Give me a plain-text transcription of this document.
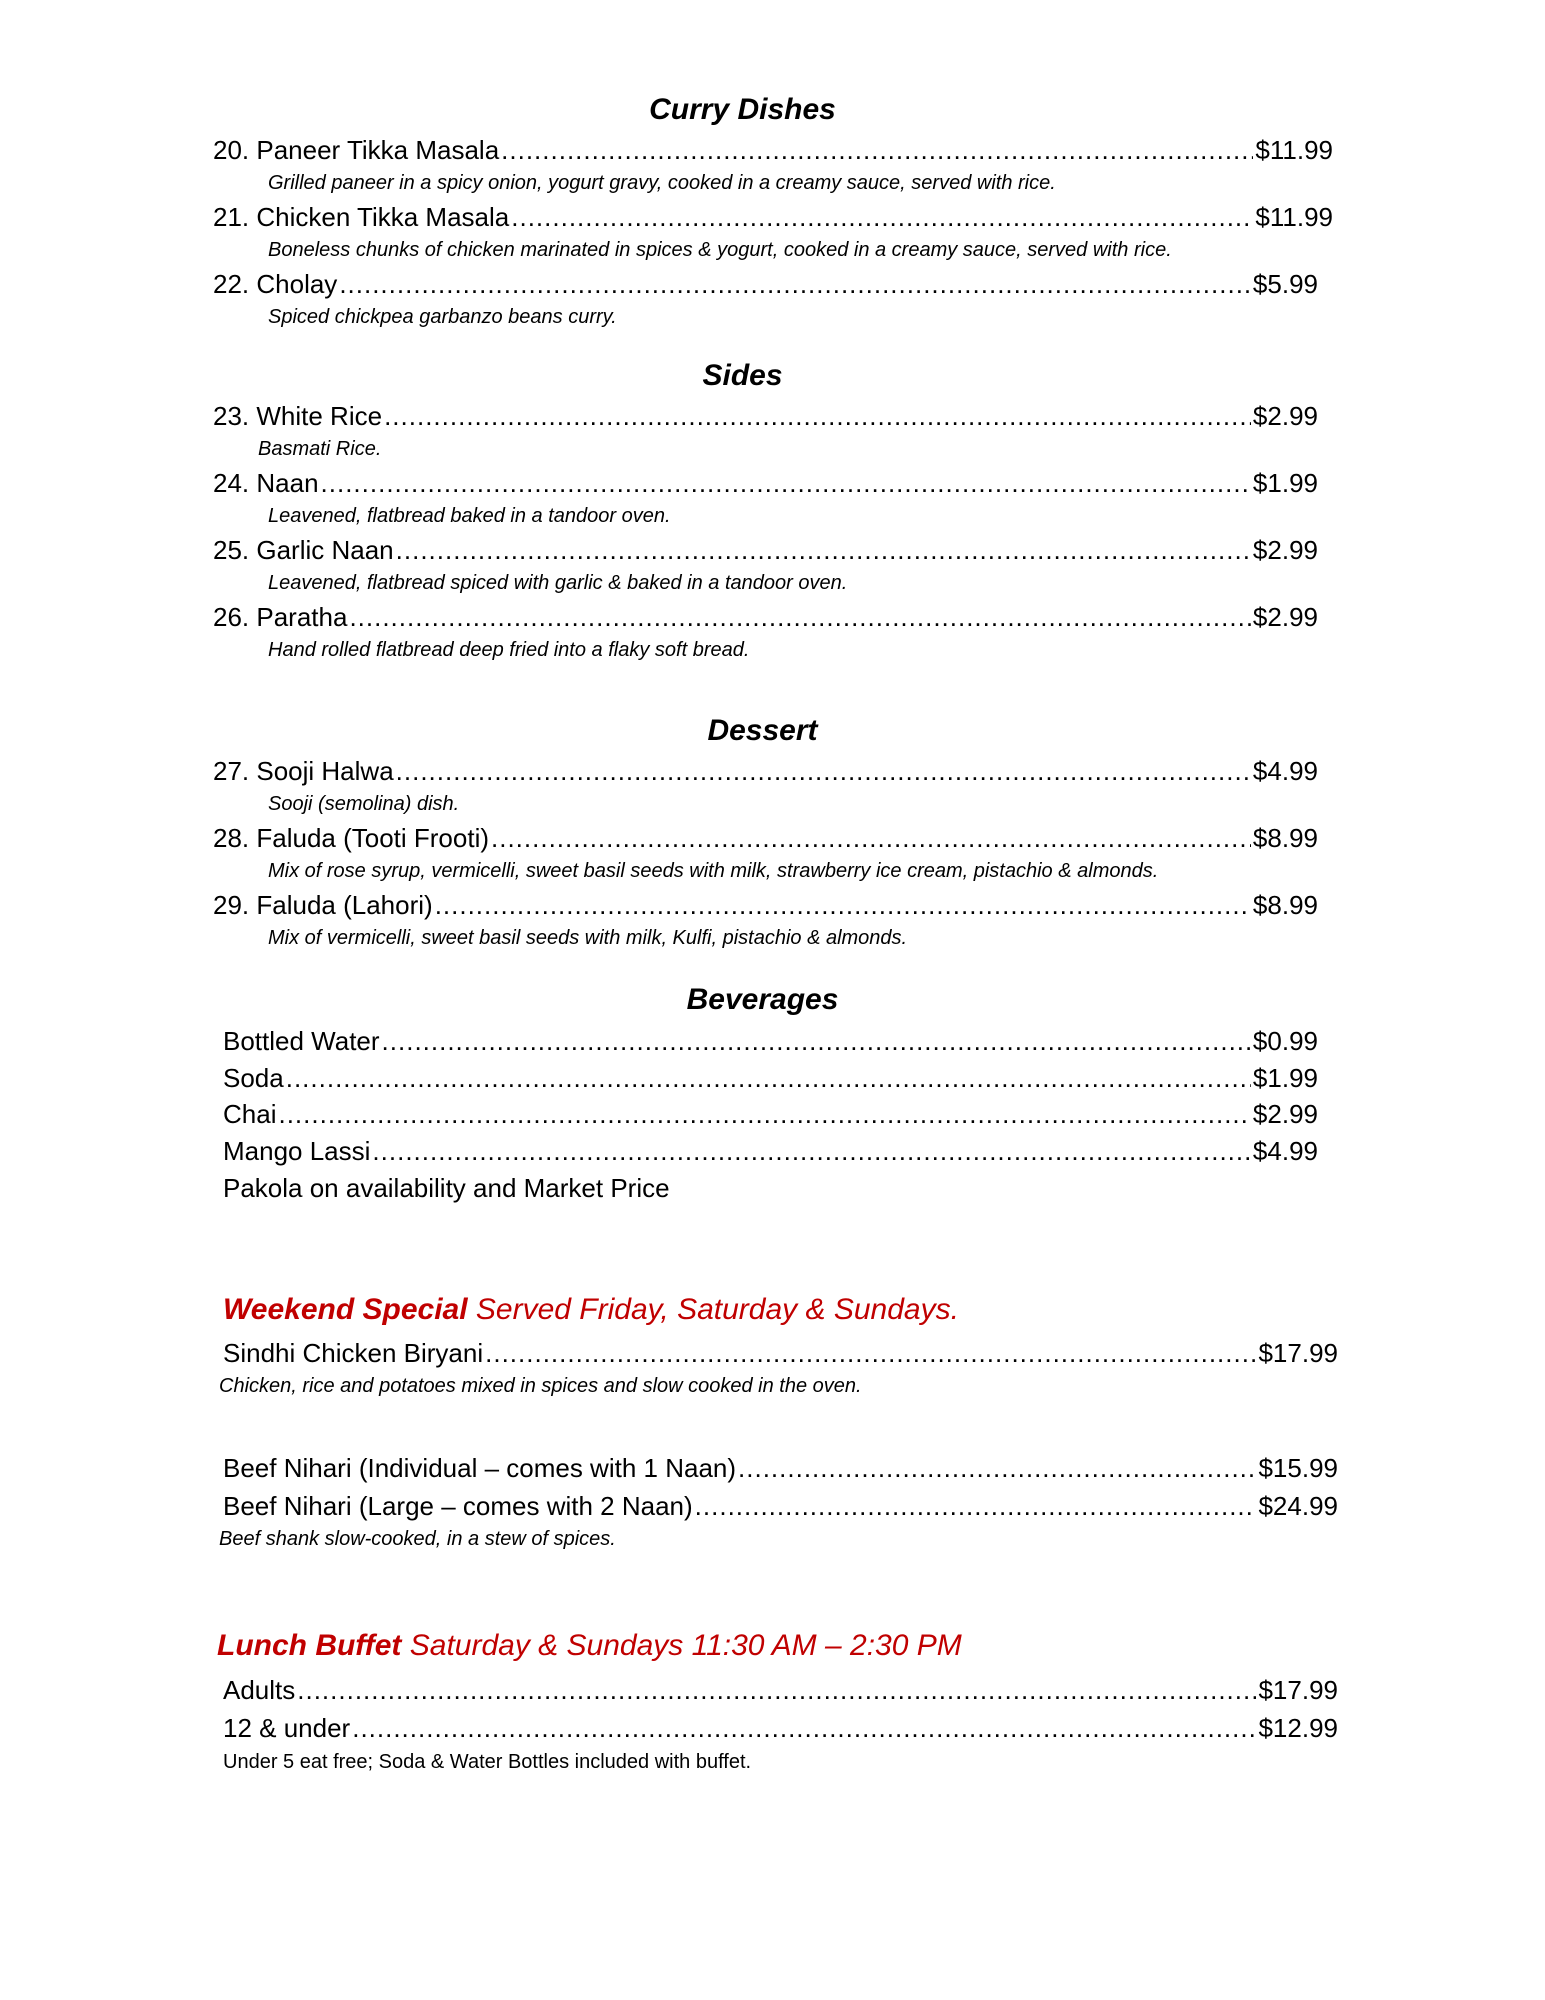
Curry Dishes
20. Paneer Tikka Masala .....	$11.99
Grilled paneer in a spicy onion, yogurt gravy, cooked in a creamy sauce, served with rice.
21. Chicken Tikka Masala .....	$11.99
Boneless chunks of chicken marinated in spices & yogurt, cooked in a creamy sauce, served with rice.
22. Cholay .....	$5.99
Spiced chickpea garbanzo beans curry.
Sides
23. White Rice .....	$2.99
Basmati Rice.
24. Naan .....	$1.99
Leavened, flatbread baked in a tandoor oven.
25. Garlic Naan .....	$2.99
Leavened, flatbread spiced with garlic & baked in a tandoor oven.
26. Paratha .....	$2.99
Hand rolled flatbread deep fried into a flaky soft bread.
Dessert
27. Sooji Halwa .....	$4.99
Sooji (semolina) dish.
28. Faluda (Tooti Frooti) .....	$8.99
Mix of rose syrup, vermicelli, sweet basil seeds with milk, strawberry ice cream, pistachio & almonds.
29. Faluda (Lahori) .....	$8.99
Mix of vermicelli, sweet basil seeds with milk, Kulfi, pistachio & almonds.
Beverages
Bottled Water .....	$0.99
Soda .....	$1.99
Chai .....	$2.99
Mango Lassi .....	$4.99
Pakola on availability and Market Price
Weekend Special Served Friday, Saturday & Sundays.
Sindhi Chicken Biryani .....	$17.99
Chicken, rice and potatoes mixed in spices and slow cooked in the oven.
Beef Nihari (Individual – comes with 1 Naan) .....	$15.99
Beef Nihari (Large – comes with 2 Naan) .....	$24.99
Beef shank slow-cooked, in a stew of spices.
Lunch Buffet Saturday & Sundays 11:30 AM – 2:30 PM
Adults .....	$17.99
12 & under .....	$12.99
Under 5 eat free; Soda & Water Bottles included with buffet.
